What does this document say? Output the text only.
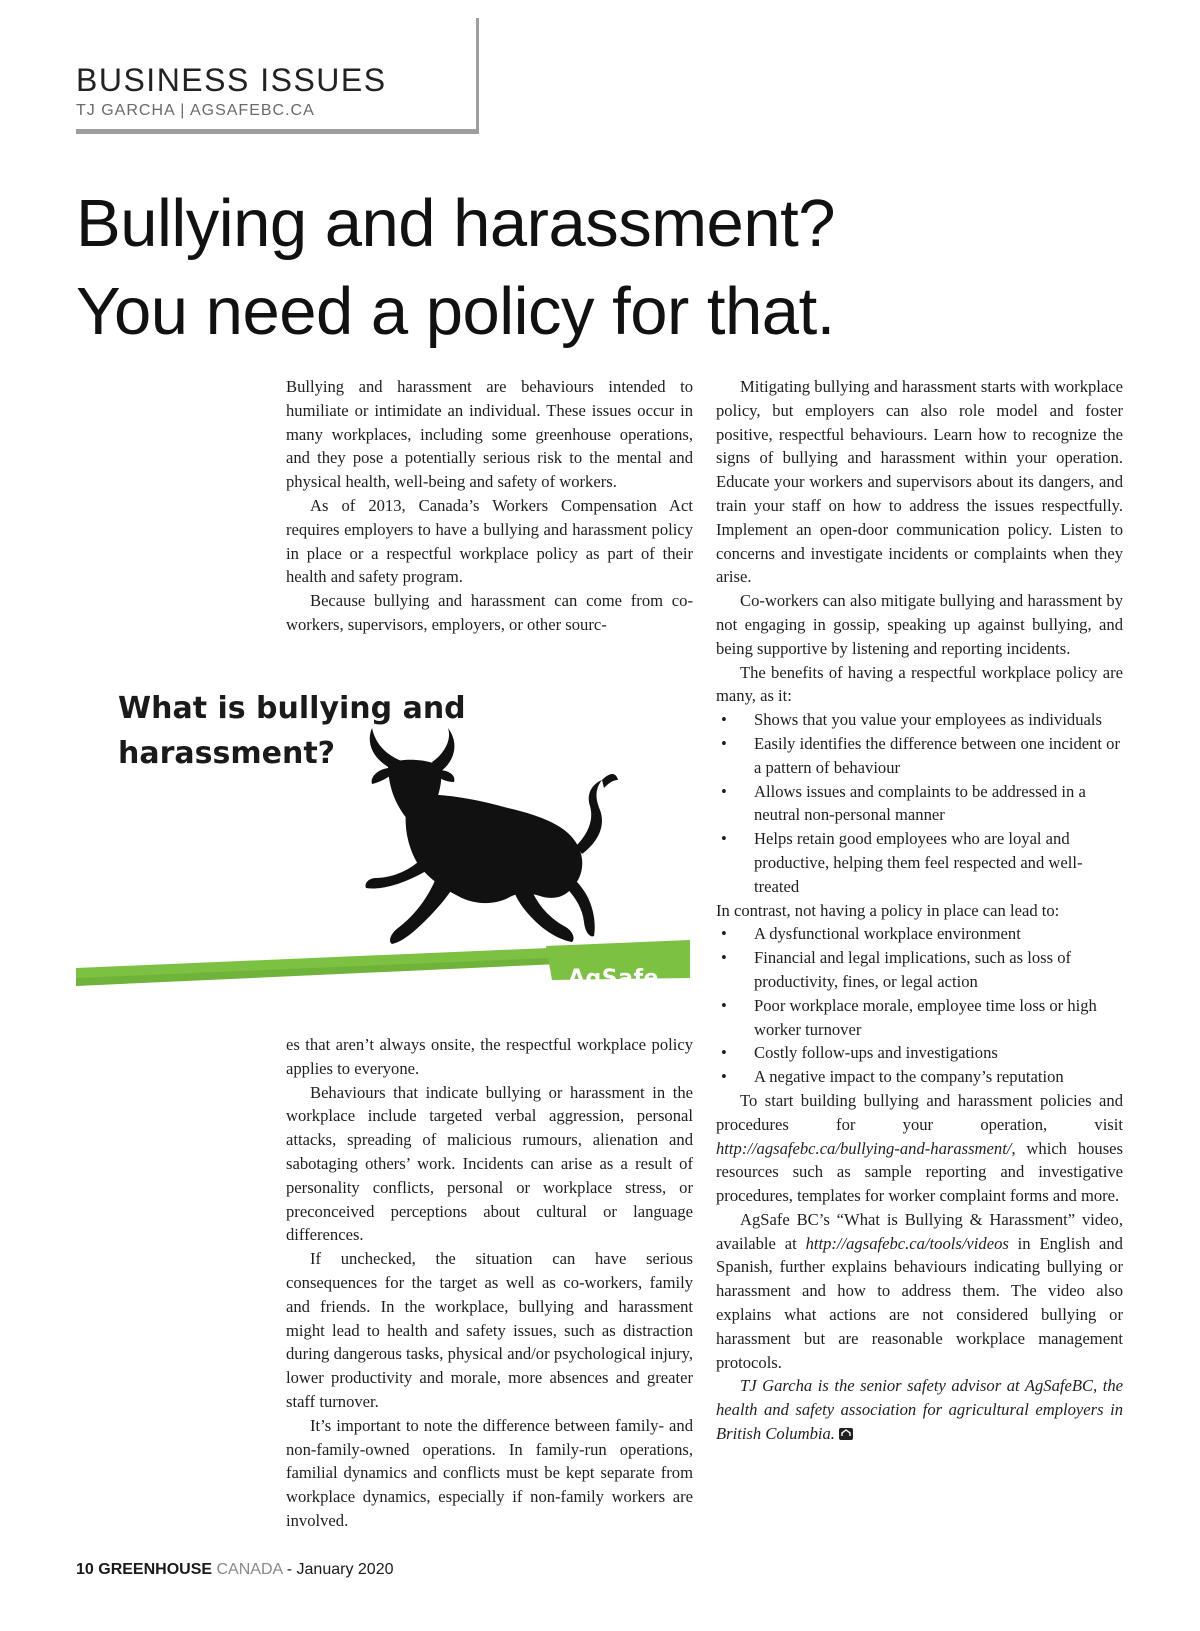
BUSINESS ISSUES
TJ GARCHA | AGSAFEBC.CA
Bullying and harassment?
You need a policy for that.

Bullying and harassment are behaviours intended to humiliate or intimidate an individual. These issues occur in many workplaces, including some greenhouse operations, and they pose a potentially serious risk to the mental and physical health, well-being and safety of workers.

As of 2013, Canada’s Workers Compensation Act requires employers to have a bullying and harassment policy in place or a respectful workplace policy as part of their health and safety program.

Because bullying and harassment can come from co-workers, supervisors, employers, or other sourc-

What is bullying and
harassment?
AgSafe

es that aren’t always onsite, the respectful workplace policy applies to everyone.

Behaviours that indicate bullying or harassment in the workplace include targeted verbal aggression, personal attacks, spreading of malicious rumours, alienation and sabotaging others’ work. Incidents can arise as a result of personality conflicts, personal or workplace stress, or preconceived perceptions about cultural or language differences.

If unchecked, the situation can have serious consequences for the target as well as co-workers, family and friends. In the workplace, bullying and harassment might lead to health and safety issues, such as distraction during dangerous tasks, physical and/or psychological injury, lower productivity and morale, more absences and greater staff turnover.

It’s important to note the difference between family- and non-family-owned operations. In family-run operations, familial dynamics and conflicts must be kept separate from workplace dynamics, especially if non-family workers are involved.

Mitigating bullying and harassment starts with workplace policy, but employers can also role model and foster positive, respectful behaviours. Learn how to recognize the signs of bullying and harassment within your operation. Educate your workers and supervisors about its dangers, and train your staff on how to address the issues respectfully. Implement an open-door communication policy. Listen to concerns and investigate incidents or complaints when they arise.

Co-workers can also mitigate bullying and harassment by not engaging in gossip, speaking up against bullying, and being supportive by listening and reporting incidents.

The benefits of having a respectful workplace policy are many, as it:

• Shows that you value your employees as individuals
• Easily identifies the difference between one incident or a pattern of behaviour
• Allows issues and complaints to be addressed in a neutral non-personal manner
• Helps retain good employees who are loyal and productive, helping them feel respected and well-treated

In contrast, not having a policy in place can lead to:

• A dysfunctional workplace environment
• Financial and legal implications, such as loss of productivity, fines, or legal action
• Poor workplace morale, employee time loss or high worker turnover
• Costly follow-ups and investigations
• A negative impact to the company’s reputation

To start building bullying and harassment policies and procedures for your operation, visit http://agsafebc.ca/bullying-and-harassment/, which houses resources such as sample reporting and investigative procedures, templates for worker complaint forms and more.

AgSafe BC’s “What is Bullying & Harassment” video, available at http://agsafebc.ca/tools/videos in English and Spanish, further explains behaviours indicating bullying or harassment and how to address them. The video also explains what actions are not considered bullying or harassment but are reasonable workplace management protocols.

TJ Garcha is the senior safety advisor at AgSafeBC, the health and safety association for agricultural employers in British Columbia.

10 GREENHOUSE CANADA - January 2020
